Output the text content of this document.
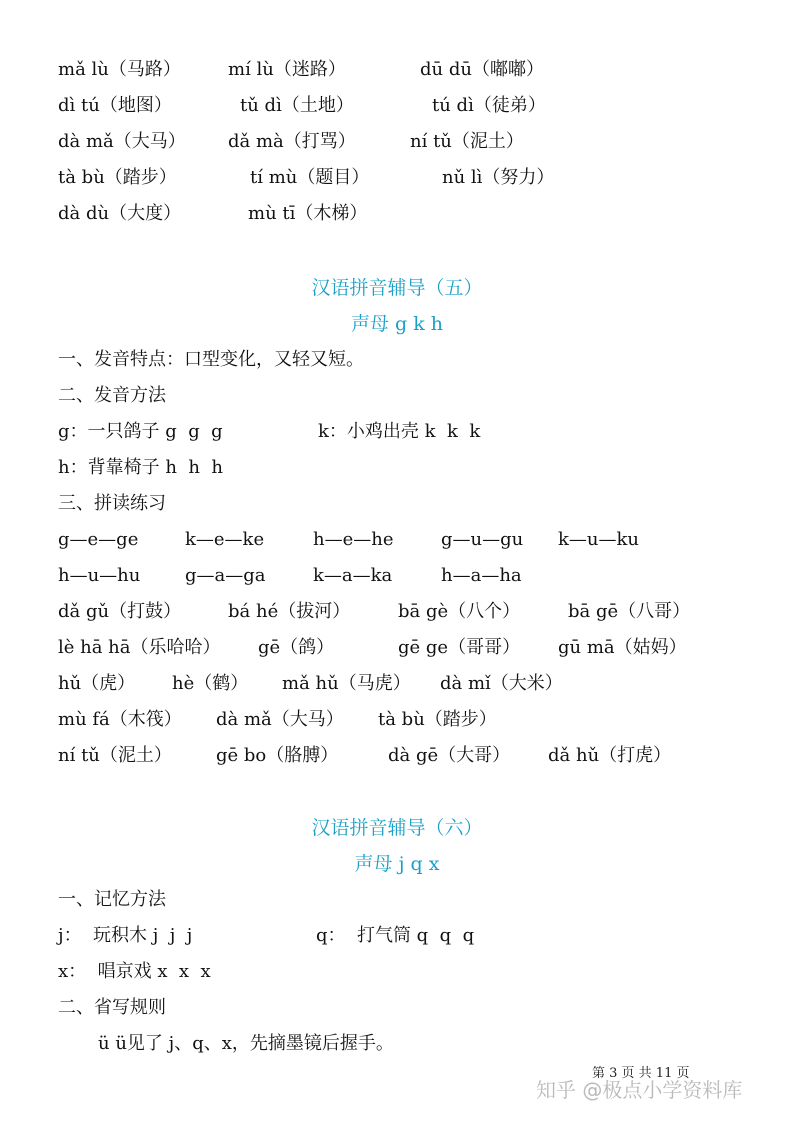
mǎ lù（马路）	mí lù（迷路）	dū dū（嘟嘟）
dì tú（地图）	tǔ dì（土地）	tú dì（徒弟）
dà mǎ（大马） dǎ mà（打骂）	ní tǔ（泥土）
tà bù（踏步）	tí mù（题目）	nǔ lì（努力）
dà dù（大度）	mù tī（木梯）
汉语拼音辅导（五）
声母 g k h
一、发音特点：口型变化，又轻又短。
二、发音方法
g：一只鸽子 g  g  g	k：小鸡出壳 k  k  k
h：背靠椅子 h  h  h
三、拼读练习
g—e—ge	k—e—ke	h—e—he	g—u—gu k—u—ku
h—u—hu g—a—ga	k—a—ka	h—a—ha
dǎ gǔ（打鼓）	bá hé（拔河）	bā gè（八个）	bā gē（八哥）
lè hā hā（乐哈哈） gē（鸽）	gē ge（哥哥） gū mā（姑妈）
hǔ（虎） hè（鹤） mǎ hǔ（马虎） dà mǐ（大米）
mù fá（木筏） dà mǎ（大马） tà bù（踏步）
ní tǔ（泥土） gē bo（胳膊）	dà gē（大哥） dǎ hǔ（打虎）
汉语拼音辅导（六）
声母 j q x
一、记忆方法
j：  玩积木 j  j  j	q：  打气筒 q  q  q
x：  唱京戏 x  x  x
二、省写规则
ü ü见了 j、q、x，先摘墨镜后握手。
第 3 页 共 11 页
知乎 @极点小学资料库
